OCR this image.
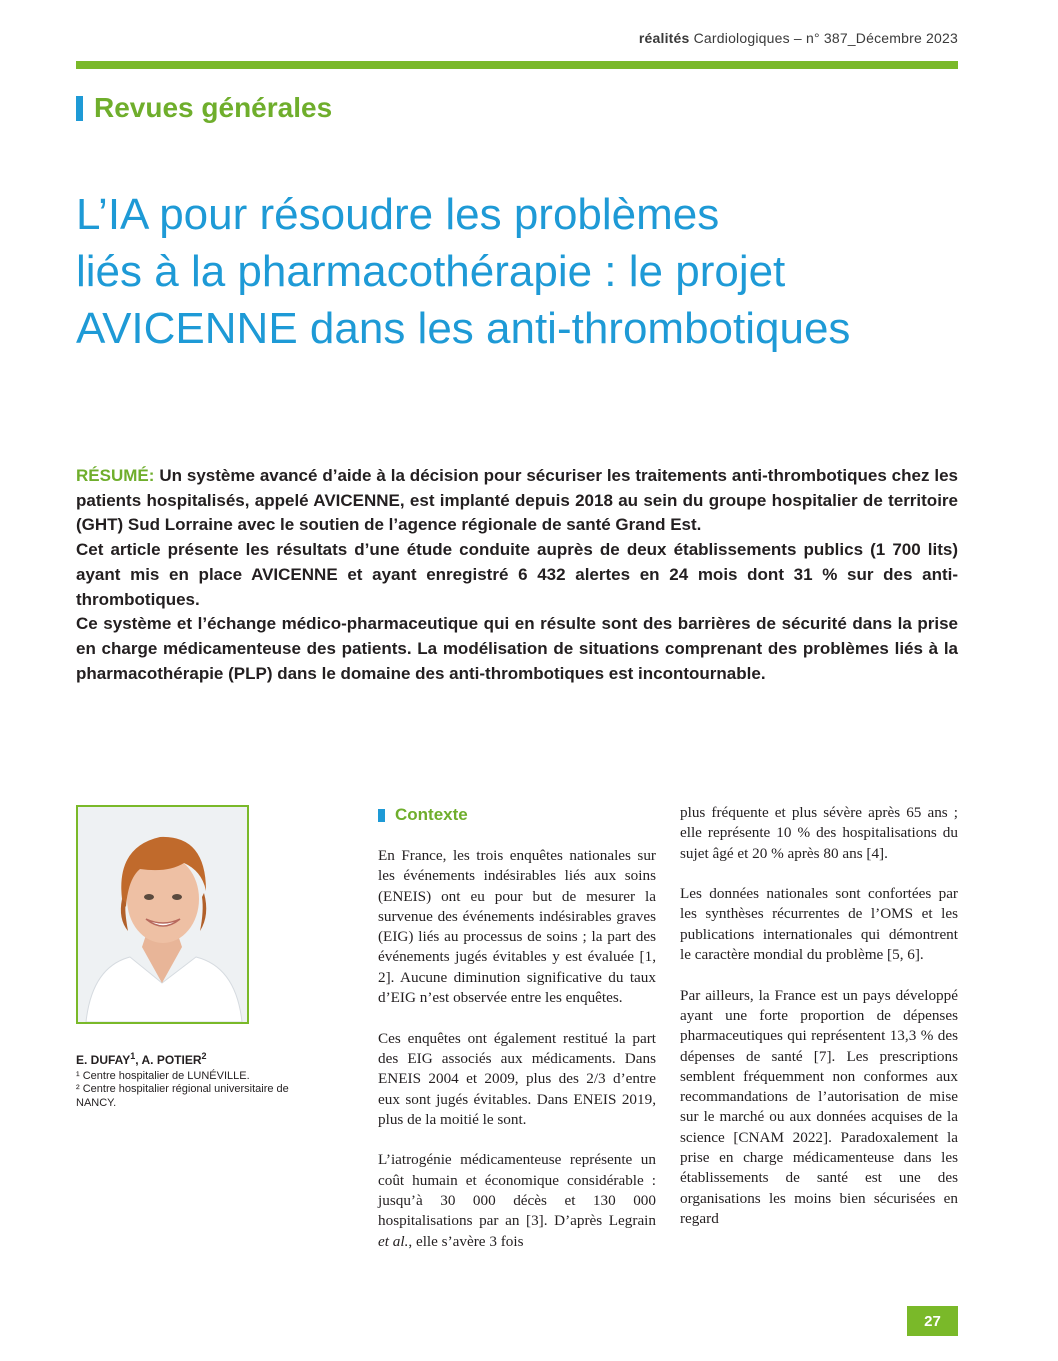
réalités Cardiologiques – n° 387_Décembre 2023
Revues générales
L’IA pour résoudre les problèmes
liés à la pharmacothérapie : le projet
AVICENNE dans les anti-thrombotiques

RÉSUMÉ: Un système avancé d’aide à la décision pour sécuriser les traitements anti-thrombotiques chez les patients hospitalisés, appelé AVICENNE, est implanté depuis 2018 au sein du groupe hospitalier de territoire (GHT) Sud Lorraine avec le soutien de l’agence régionale de santé Grand Est.

Cet article présente les résultats d’une étude conduite auprès de deux établissements publics (1 700 lits) ayant mis en place AVICENNE et ayant enregistré 6 432 alertes en 24 mois dont 31 % sur des anti-thrombotiques.

Ce système et l’échange médico-pharmaceutique qui en résulte sont des barrières de sécurité dans la prise en charge médicamenteuse des patients. La modélisation de situations comprenant des problèmes liés à la pharmacothérapie (PLP) dans le domaine des anti-thrombotiques est incontournable.

E. DUFAY$^1$, A. POTIER$^2$
¹ Centre hospitalier de LUNÉVILLE.
² Centre hospitalier régional universitaire de NANCY.
Contexte

En France, les trois enquêtes nationales sur les événements indésirables liés aux soins (ENEIS) ont eu pour but de mesurer la survenue des événements indésirables graves (EIG) liés au processus de soins ; la part des événements jugés évitables y est évaluée [1, 2]. Aucune diminution significative du taux d’EIG n’est observée entre les enquêtes.

Ces enquêtes ont également restitué la part des EIG associés aux médicaments. Dans ENEIS 2004 et 2009, plus des 2/3 d’entre eux sont jugés évitables. Dans ENEIS 2019, plus de la moitié le sont.

L’iatrogénie médicamenteuse représente un coût humain et économique considérable : jusqu’à 30 000 décès et 130 000 hospitalisations par an [3]. D’après Legrain et al., elle s’avère 3 fois

plus fréquente et plus sévère après 65 ans ; elle représente 10 % des hospitalisations du sujet âgé et 20 % après 80 ans [4].

Les données nationales sont confortées par les synthèses récurrentes de l’OMS et les publications internationales qui démontrent le caractère mondial du problème [5, 6].

Par ailleurs, la France est un pays développé ayant une forte proportion de dépenses pharmaceutiques qui représentent 13,3 % des dépenses de santé [7]. Les prescriptions semblent fréquemment non conformes aux recommandations de l’autorisation de mise sur le marché ou aux données acquises de la science [CNAM 2022]. Paradoxalement la prise en charge médicamenteuse dans les établissements de santé est une des organisations les moins bien sécurisées en regard

27
